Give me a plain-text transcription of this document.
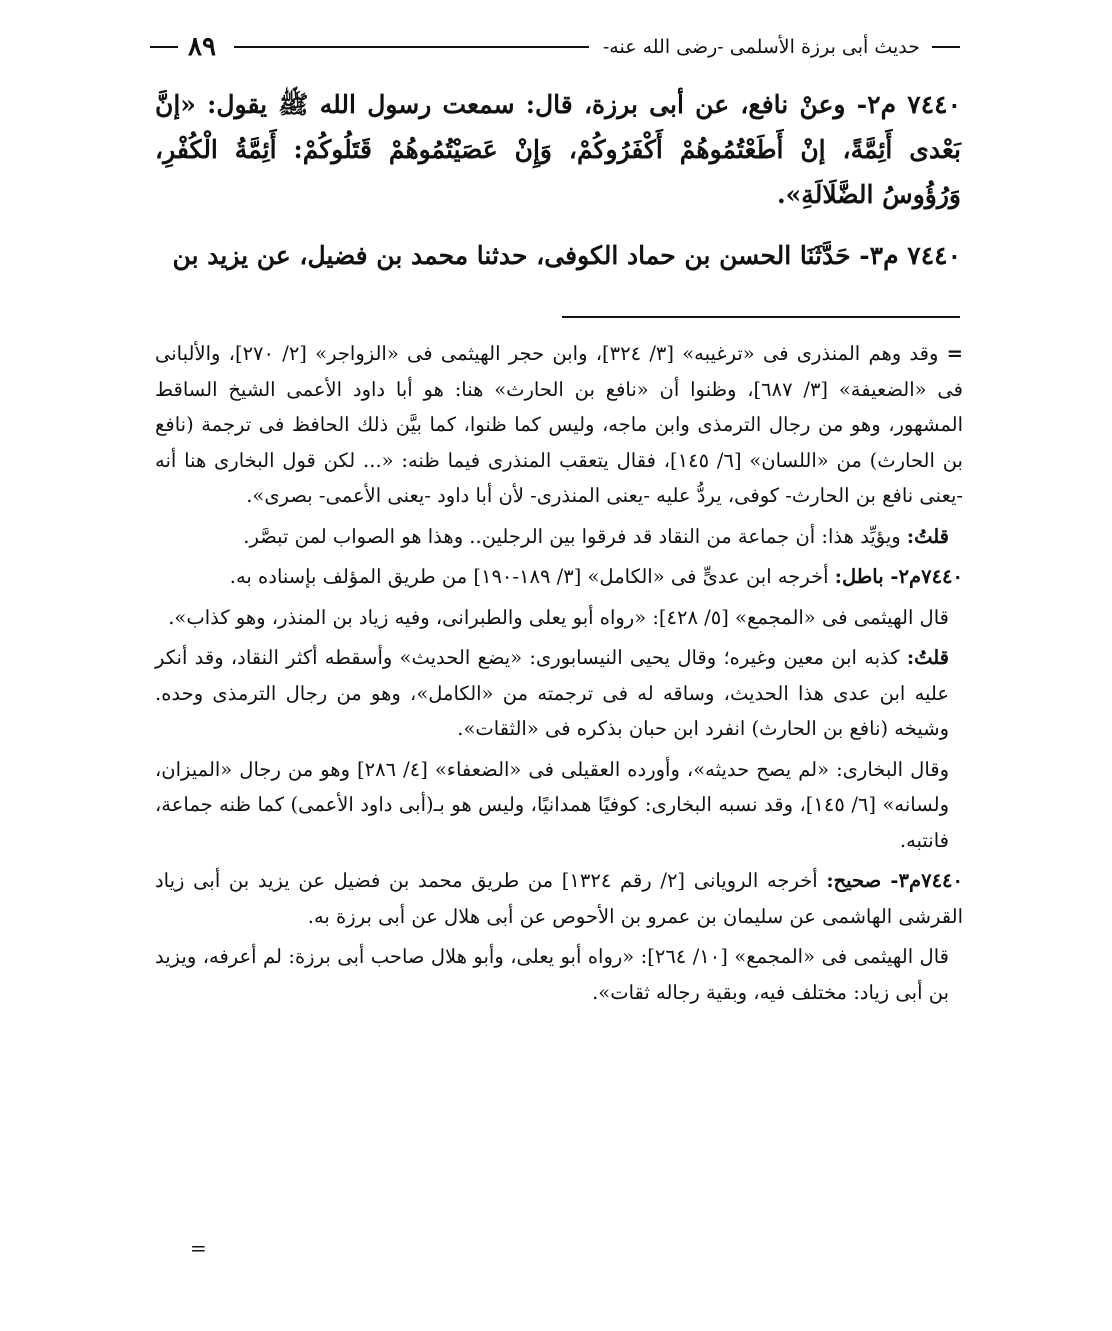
حديث أبى برزة الأسلمى -رضى الله عنه-
٨٩

٧٤٤٠ م٢- وعنْ نافع، عن أبى برزة، قال: سمعت رسول الله ﷺ يقول: «إنَّ بَعْدى أَئِمَّةً، إنْ أَطَعْتُمُوهُمْ أَكْفَرُوكُمْ، وَإِنْ عَصَيْتُمُوهُمْ قَتَلُوكُمْ: أَئِمَّةُ الْكُفْرِ، وَرُؤُوسُ الضَّلَالَةِ».

٧٤٤٠ م٣- حَدَّثَنَا الحسن بن حماد الكوفى، حدثنا محمد بن فضيل، عن يزيد بن

= وقد وهم المنذرى فى «ترغيبه» [٣/ ٣٢٤]، وابن حجر الهيثمى فى «الزواجر» [٢/ ٢٧٠]، والألبانى فى «الضعيفة» [٣/ ٦٨٧]، وظنوا أن «نافع بن الحارث» هنا: هو أبا داود الأعمى الشيخ الساقط المشهور، وهو من رجال الترمذى وابن ماجه، وليس كما ظنوا، كما بيَّن ذلك الحافظ فى ترجمة (نافع بن الحارث) من «اللسان» [٦/ ١٤٥]، فقال يتعقب المنذرى فيما ظنه: «... لكن قول البخارى هنا أنه -يعنى نافع بن الحارث- كوفى، يردُّ عليه -يعنى المنذرى- لأن أبا داود -يعنى الأعمى- بصرى».

قلتُ: ويؤيِّد هذا: أن جماعة من النقاد قد فرقوا بين الرجلين.. وهذا هو الصواب لمن تبصَّر.

٧٤٤٠م٢- باطل: أخرجه ابن عدىٍّ فى «الكامل» [٣/ ١٨٩-١٩٠] من طريق المؤلف بإسناده به.

قال الهيثمى فى «المجمع» [٥/ ٤٢٨]: «رواه أبو يعلى والطبرانى، وفيه زياد بن المنذر، وهو كذاب».

قلتُ: كذبه ابن معين وغيره؛ وقال يحيى النيسابورى: «يضع الحديث» وأسقطه أكثر النقاد، وقد أنكر عليه ابن عدى هذا الحديث، وساقه له فى ترجمته من «الكامل»، وهو من رجال الترمذى وحده. وشيخه (نافع بن الحارث) انفرد ابن حبان بذكره فى «الثقات».

وقال البخارى: «لم يصح حديثه»، وأورده العقيلى فى «الضعفاء» [٤/ ٢٨٦] وهو من رجال «الميزان، ولسانه» [٦/ ١٤٥]، وقد نسبه البخارى: كوفيًا همدانيًا، وليس هو بـ(أبى داود الأعمى) كما ظنه جماعة، فانتبه.

٧٤٤٠م٣- صحيح: أخرجه الرويانى [٢/ رقم ١٣٢٤] من طريق محمد بن فضيل عن يزيد بن أبى زياد القرشى الهاشمى عن سليمان بن عمرو بن الأحوص عن أبى هلال عن أبى برزة به.

قال الهيثمى فى «المجمع» [١٠/ ٢٦٤]: «رواه أبو يعلى، وأبو هلال صاحب أبى برزة: لم أعرفه، ويزيد بن أبى زياد: مختلف فيه، وبقية رجاله ثقات».

=
